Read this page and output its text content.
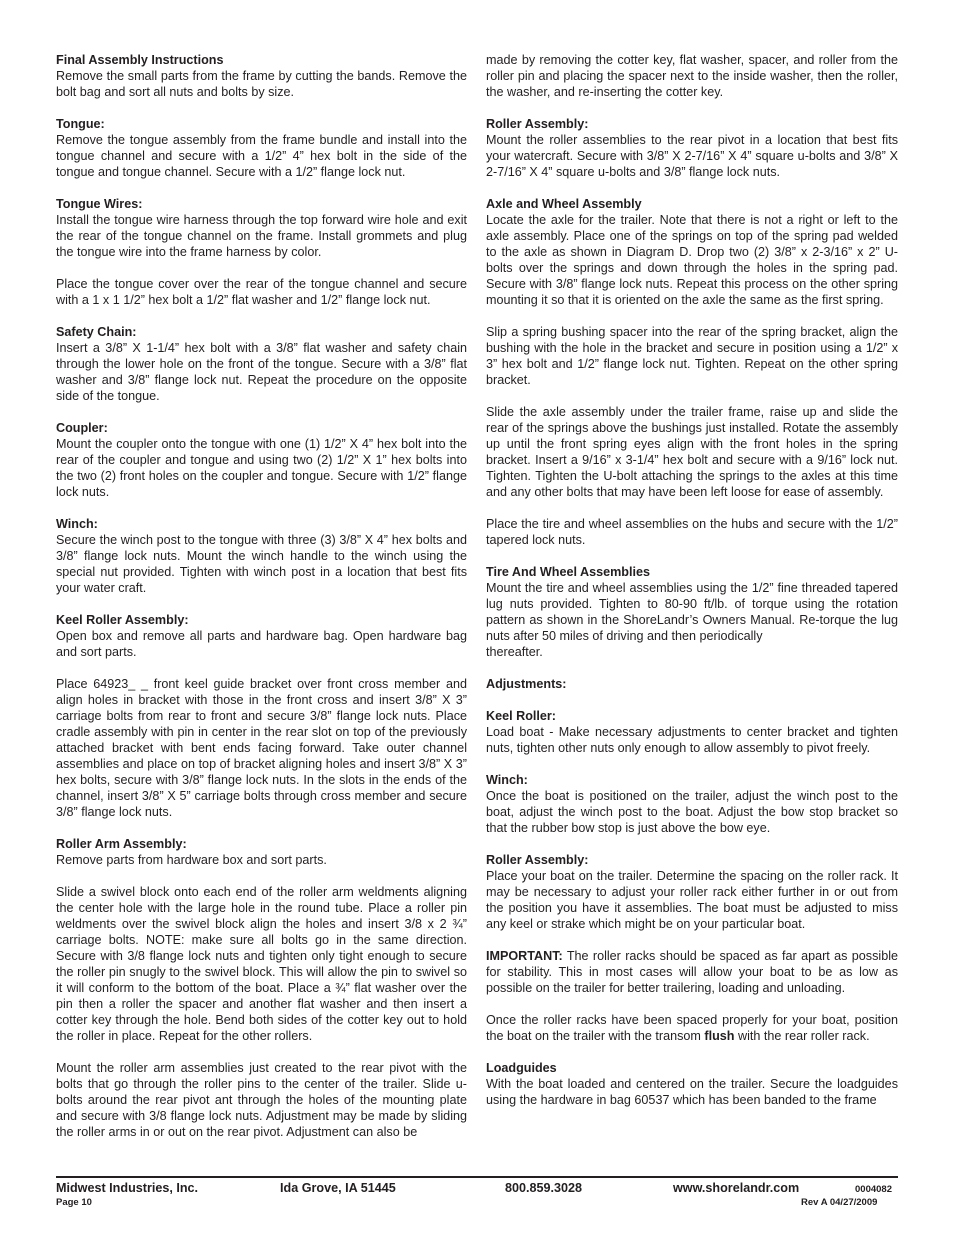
Final Assembly Instructions

Remove the small parts from the frame by cutting the bands. Remove the bolt bag and sort all nuts and bolts by size.

Tongue:

Remove the tongue assembly from the frame bundle and install into the tongue channel and secure with a 1/2” 4” hex bolt in the side of the tongue and tongue channel. Secure with a 1/2” flange lock nut.

Tongue Wires:

Install the tongue wire harness through the top forward wire hole and exit the rear of the tongue channel on the frame. Install grommets and plug the tongue wire into the frame harness by color.

Place the tongue cover over the rear of the tongue channel and secure with a 1 x 1 1/2” hex bolt a 1/2” flat washer and 1/2” flange lock nut.

Safety Chain:

Insert a 3/8” X 1-1/4” hex bolt with a 3/8” flat washer and safety chain through the lower hole on the front of the tongue. Secure with a 3/8” flat washer and 3/8” flange lock nut. Repeat the procedure on the opposite side of the tongue.

Coupler:

Mount the coupler onto the tongue with one (1) 1/2” X 4” hex bolt into the rear of the coupler and tongue and using two (2) 1/2” X 1” hex bolts into the two (2) front holes on the coupler and tongue. Secure with 1/2” flange lock nuts.

Winch:

Secure the winch post to the tongue with three (3) 3/8” X 4” hex bolts and 3/8” flange lock nuts. Mount the winch handle to the winch using the special nut provided. Tighten with winch post in a location that best fits your water craft.

Keel Roller Assembly:

Open box and remove all parts and hardware bag. Open hardware bag and sort parts.

Place 64923_ _ front keel guide bracket over front cross member and align holes in bracket with those in the front cross and insert 3/8” X 3” carriage bolts from rear to front and secure 3/8” flange lock nuts. Place cradle assembly with pin in center in the rear slot on top of the previously attached bracket with bent ends facing forward. Take outer channel assemblies and place on top of bracket aligning holes and insert 3/8” X 3” hex bolts, secure with 3/8” flange lock nuts. In the slots in the ends of the channel, insert 3/8” X 5” carriage bolts through cross member and secure 3/8” flange lock nuts.

Roller Arm Assembly:

Remove parts from hardware box and sort parts.

Slide a swivel block onto each end of the roller arm weldments aligning the center hole with the large hole in the round tube. Place a roller pin weldments over the swivel block align the holes and insert 3/8 x 2 ¾” carriage bolts. NOTE: make sure all bolts go in the same direction. Secure with 3/8 flange lock nuts and tighten only tight enough to secure the roller pin snugly to the swivel block. This will allow the pin to swivel so it will conform to the bottom of the boat. Place a ¾” flat washer over the pin then a roller the spacer and another flat washer and then insert a cotter key through the hole. Bend both sides of the cotter key out to hold the roller in place. Repeat for the other rollers.

Mount the roller arm assemblies just created to the rear pivot with the bolts that go through the roller pins to the center of the trailer. Slide u-bolts around the rear pivot ant through the holes of the mounting plate and secure with 3/8 flange lock nuts. Adjustment may be made by sliding the roller arms in or out on the rear pivot. Adjustment can also be

made by removing the cotter key, flat washer, spacer, and roller from the roller pin and placing the spacer next to the inside washer, then the roller, the washer, and re-inserting the cotter key.

Roller Assembly:

Mount the roller assemblies to the rear pivot in a location that best fits your watercraft. Secure with 3/8” X 2-7/16” X 4” square u-bolts and 3/8” X 2-7/16” X 4” square u-bolts and 3/8” flange lock nuts.

Axle and Wheel Assembly

Locate the axle for the trailer. Note that there is not a right or left to the axle assembly. Place one of the springs on top of the spring pad welded to the axle as shown in Diagram D. Drop two (2) 3/8” x 2-3/16” x 2” U-bolts over the springs and down through the holes in the spring pad. Secure with 3/8” flange lock nuts. Repeat this process on the other spring mounting it so that it is oriented on the axle the same as the first spring.

Slip a spring bushing spacer into the rear of the spring bracket, align the bushing with the hole in the bracket and secure in position using a 1/2” x 3” hex bolt and 1/2” flange lock nut. Tighten. Repeat on the other spring bracket.

Slide the axle assembly under the trailer frame, raise up and slide the rear of the springs above the bushings just installed. Rotate the assembly up until the front spring eyes align with the front holes in the spring bracket. Insert a 9/16” x 3-1/4” hex bolt and secure with a 9/16” lock nut. Tighten. Tighten the U-bolt attaching the springs to the axles at this time and any other bolts that may have been left loose for ease of assembly.

Place the tire and wheel assemblies on the hubs and secure with the 1/2” tapered lock nuts.

Tire And Wheel Assemblies

Mount the tire and wheel assemblies using the 1/2” fine threaded tapered lug nuts provided. Tighten to 80-90 ft/lb. of torque using the rotation pattern as shown in the ShoreLandr’s Owners Manual. Re-torque the lug nuts after 50 miles of driving and then periodically

thereafter.

Adjustments:
Keel Roller:

Load boat - Make necessary adjustments to center bracket and tighten nuts, tighten other nuts only enough to allow assembly to pivot freely.

Winch:

Once the boat is positioned on the trailer, adjust the winch post to the boat, adjust the winch post to the boat. Adjust the bow stop bracket so that the rubber bow stop is just above the bow eye.

Roller Assembly:

Place your boat on the trailer. Determine the spacing on the roller rack. It may be necessary to adjust your roller rack either further in or out from the position you have it assemblies. The boat must be adjusted to miss any keel or strake which might be on your particular boat.

IMPORTANT: The roller racks should be spaced as far apart as possible for stability. This in most cases will allow your boat to be as low as possible on the trailer for better trailering, loading and unloading.

Once the roller racks have been spaced properly for your boat, position the boat on the trailer with the transom flush with the rear roller rack.

Loadguides

With the boat loaded and centered on the trailer. Secure the loadguides using the hardware in bag 60537 which has been banded to the frame

Midwest Industries, Inc.
Page 10
Ida Grove, IA 51445	800.859.3028	www.shorelandr.com	0004082
Rev A 04/27/2009
